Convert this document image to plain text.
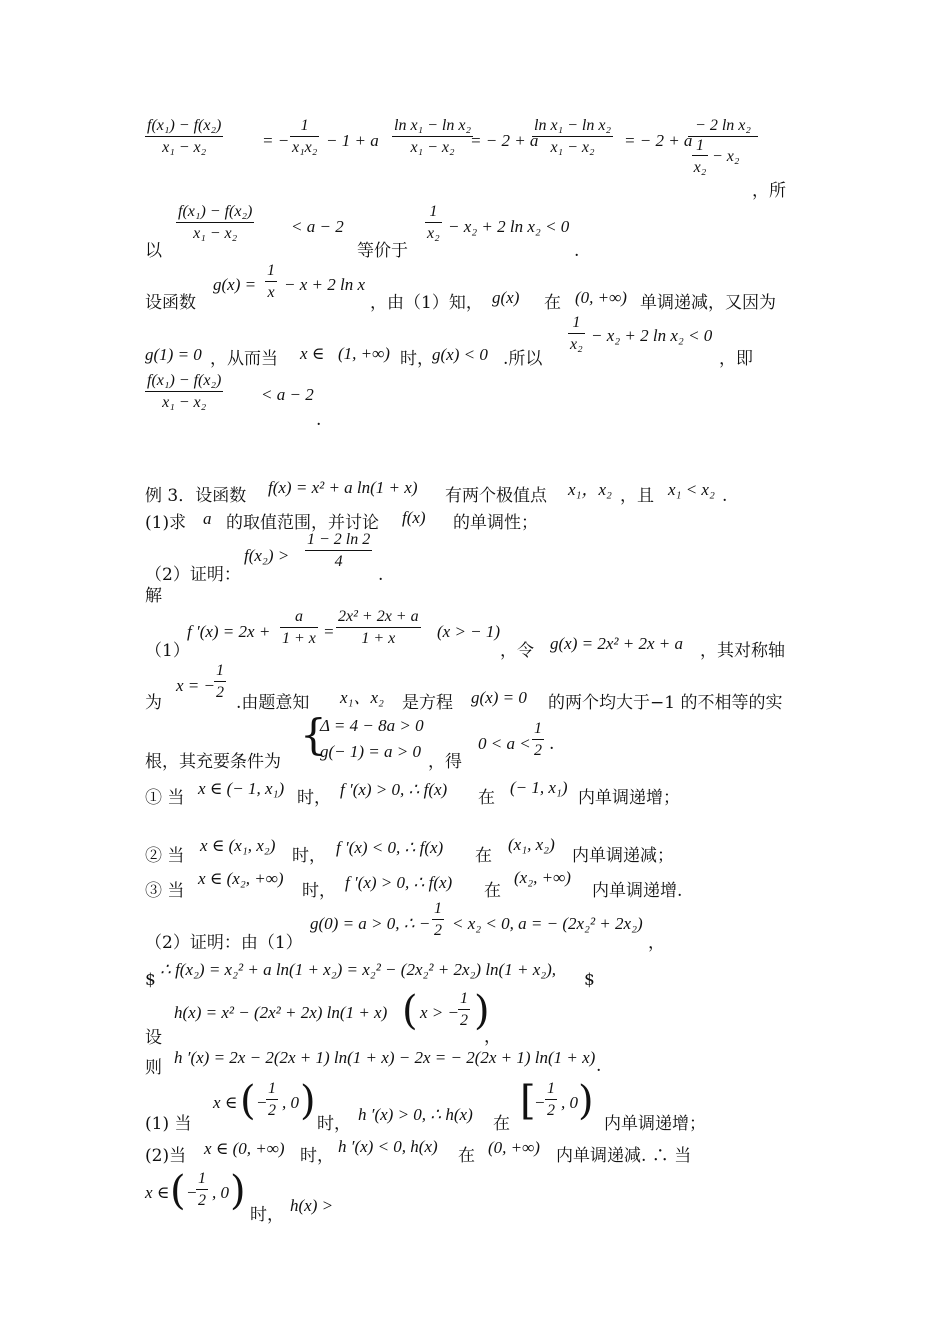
f(x₁) − f(x₂)
x₁ − x₂	= −
1
x₁x₂ − 1 + a
ln x₁ − ln x₂
x₁ − x₂ = − 2 + a
ln x₁ − ln x₂
x₁ − x₂	= − 2 + a
− 2 ln x₂
1
x₂
− x₂
，所
以
f(x₁) − f(x₂)
x₁ − x₂	< a − 2
等价于
1
x₂ − x₂ + 2 ln x₂ < 0
.
设函数
g(x) =
1
x − x + 2 ln x
，由（1）知， g(x) 在 (0, +∞) 单调递减，又因为
g(1) = 0 ，从而当 x ∈ (1, +∞) 时，
g(x) < 0 .所以
1
x₂ − x₂ + 2 ln x₂ < 0
，即
f(x₁) − f(x₂)
x₁ − x₂	< a − 2
.
例 3．设函数 f(x) = x² + a ln(1 + x) 有两个极值点 x₁，x₂ ，且 x₁ < x₂ .
(1)求 a 的取值范围，并讨论 f(x) 的单调性；
（2）证明：
f(x₂) >
1 − 2 ln 2
4
.
解
（1）
f ′(x) = 2x +
a
1 + x =
2x² + 2x + a
1 + x	(x > − 1)
，令 g(x) = 2x² + 2x + a ，其对称轴
为
x = −
1
2
.由题意知 x₁、x₂ 是方程 g(x) = 0 的两个均大于−1 的不相等的实
根，其充要条件为
{
Δ = 4 − 8a > 0
g(− 1) = a > 0
，得
0 < a <
1
2 .
① 当 x ∈ (− 1, x₁) 时， f ′(x) > 0, ∴ f(x) 在
(− 1, x₁)
内单调递增；
② 当
x ∈ (x₁, x₂)
时， f ′(x) < 0, ∴ f(x) 在
(x₁, x₂)
内单调递减；
③ 当
x ∈ (x₂, +∞)
时， f ′(x) > 0, ∴ f(x) 在
(x₂, +∞)
内单调递增.
（2）证明：由（1）
g(0) = a > 0, ∴ −
1
2 < x₂ < 0, a = − (2x₂² + 2x₂)
，
$
∴ f(x₂) = x₂² + a ln(1 + x₂) = x₂² − (2x₂² + 2x₂) ln(1 + x₂),
$
h(x) = x² − (2x² + 2x) ln(1 + x) ( x > −
1
2 )
，
设
则
h ′(x) = 2x − 2(2x + 1) ln(1 + x) − 2x = − 2(2x + 1) ln(1 + x) .
(1) 当
x ∈ ( −
1
2 , 0 ) 时， h ′(x) > 0, ∴ h(x) 在 [
−
1
2 , 0 ) 内单调递增；
(2)当 x ∈ (0, +∞) 时， h ′(x) < 0, h(x) 在 (0, +∞) 内单调递减. ∴ 当
x ∈ ( −
1
2 , 0 )
时， h(x) >
